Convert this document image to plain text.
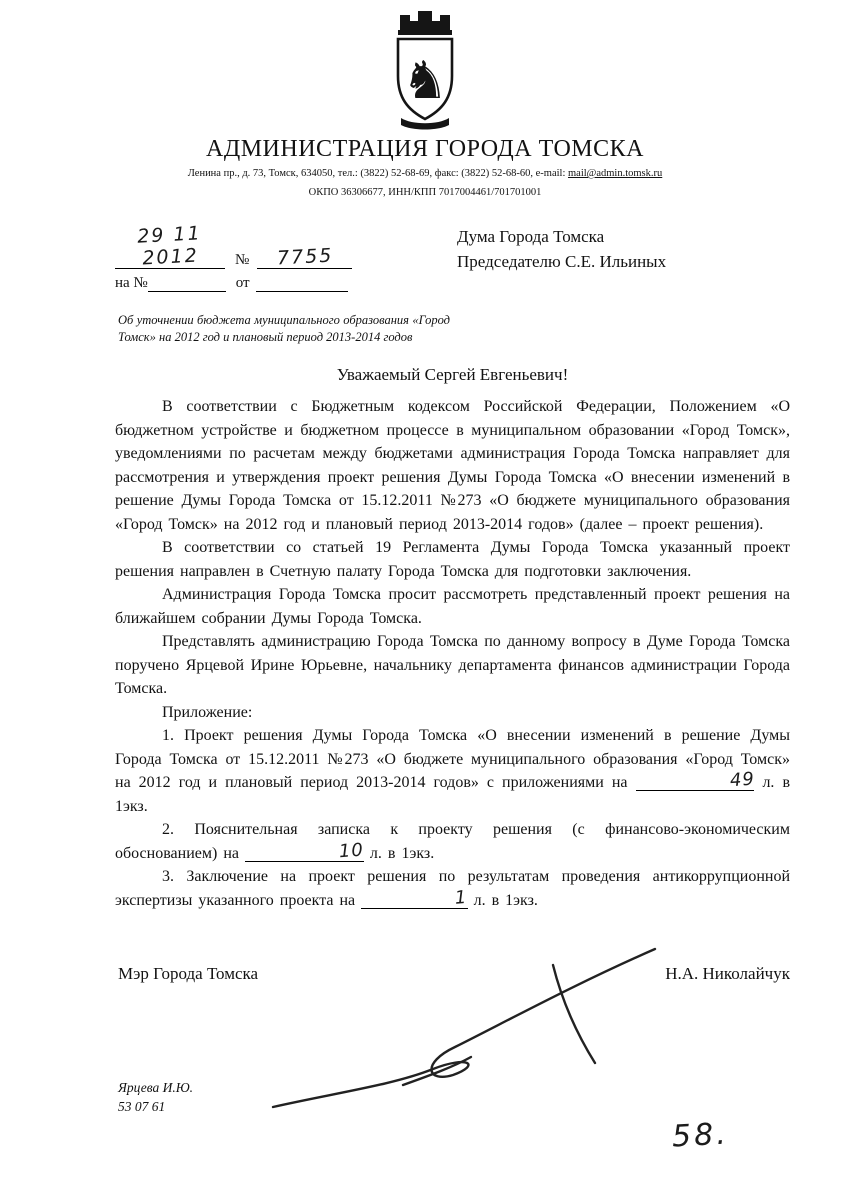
♞
АДМИНИСТРАЦИЯ ГОРОДА ТОМСКА
Ленина пр., д. 73, Томск, 634050, тел.: (3822) 52-68-69, факс: (3822) 52-68-60, e-mail: mail@admin.tomsk.ru
ОКПО 36306677, ИНН/КПП 7017004461/701701001
29 11 2012	№	7755
на №	от
Дума Города Томска
Председателю С.Е. Ильиных
Об уточнении бюджета муниципального образования «Город Томск» на 2012 год и плановый период 2013-2014 годов
Уважаемый Сергей Евгеньевич!

В соответствии с Бюджетным кодексом Российской Федерации, Положением «О бюджетном устройстве и бюджетном процессе в муниципальном образовании «Город Томск», уведомлениями по расчетам между бюджетами администрация Города Томска направляет для рассмотрения и утверждения проект решения Думы Города Томска «О внесении изменений в решение Думы Города Томска от 15.12.2011 №273 «О бюджете муниципального образования «Город Томск» на 2012 год и плановый период 2013-2014 годов» (далее – проект решения).

В соответствии со статьей 19 Регламента Думы Города Томска указанный проект решения направлен в Счетную палату Города Томска для подготовки заключения.

Администрация Города Томска просит рассмотреть представленный проект решения на ближайшем собрании Думы Города Томска.

Представлять администрацию Города Томска по данному вопросу в Думе Города Томска поручено Ярцевой Ирине Юрьевне, начальнику департамента финансов администрации Города Томска.

Приложение:

1. Проект решения Думы Города Томска «О внесении изменений в решение Думы Города Томска от 15.12.2011 №273 «О бюджете муниципального образования «Город Томск» на 2012 год и плановый период 2013-2014 годов» с приложениями на	49 л. в 1экз.

2. Пояснительная записка к проекту решения (с финансово-экономическим обоснованием) на	10 л. в 1экз.

3. Заключение на проект решения по результатам проведения антикоррупционной экспертизы указанного проекта на	1 л. в 1экз.

Мэр Города Томска	Н.А. Николайчук
Ярцева И.Ю.
53 07 61
58.
